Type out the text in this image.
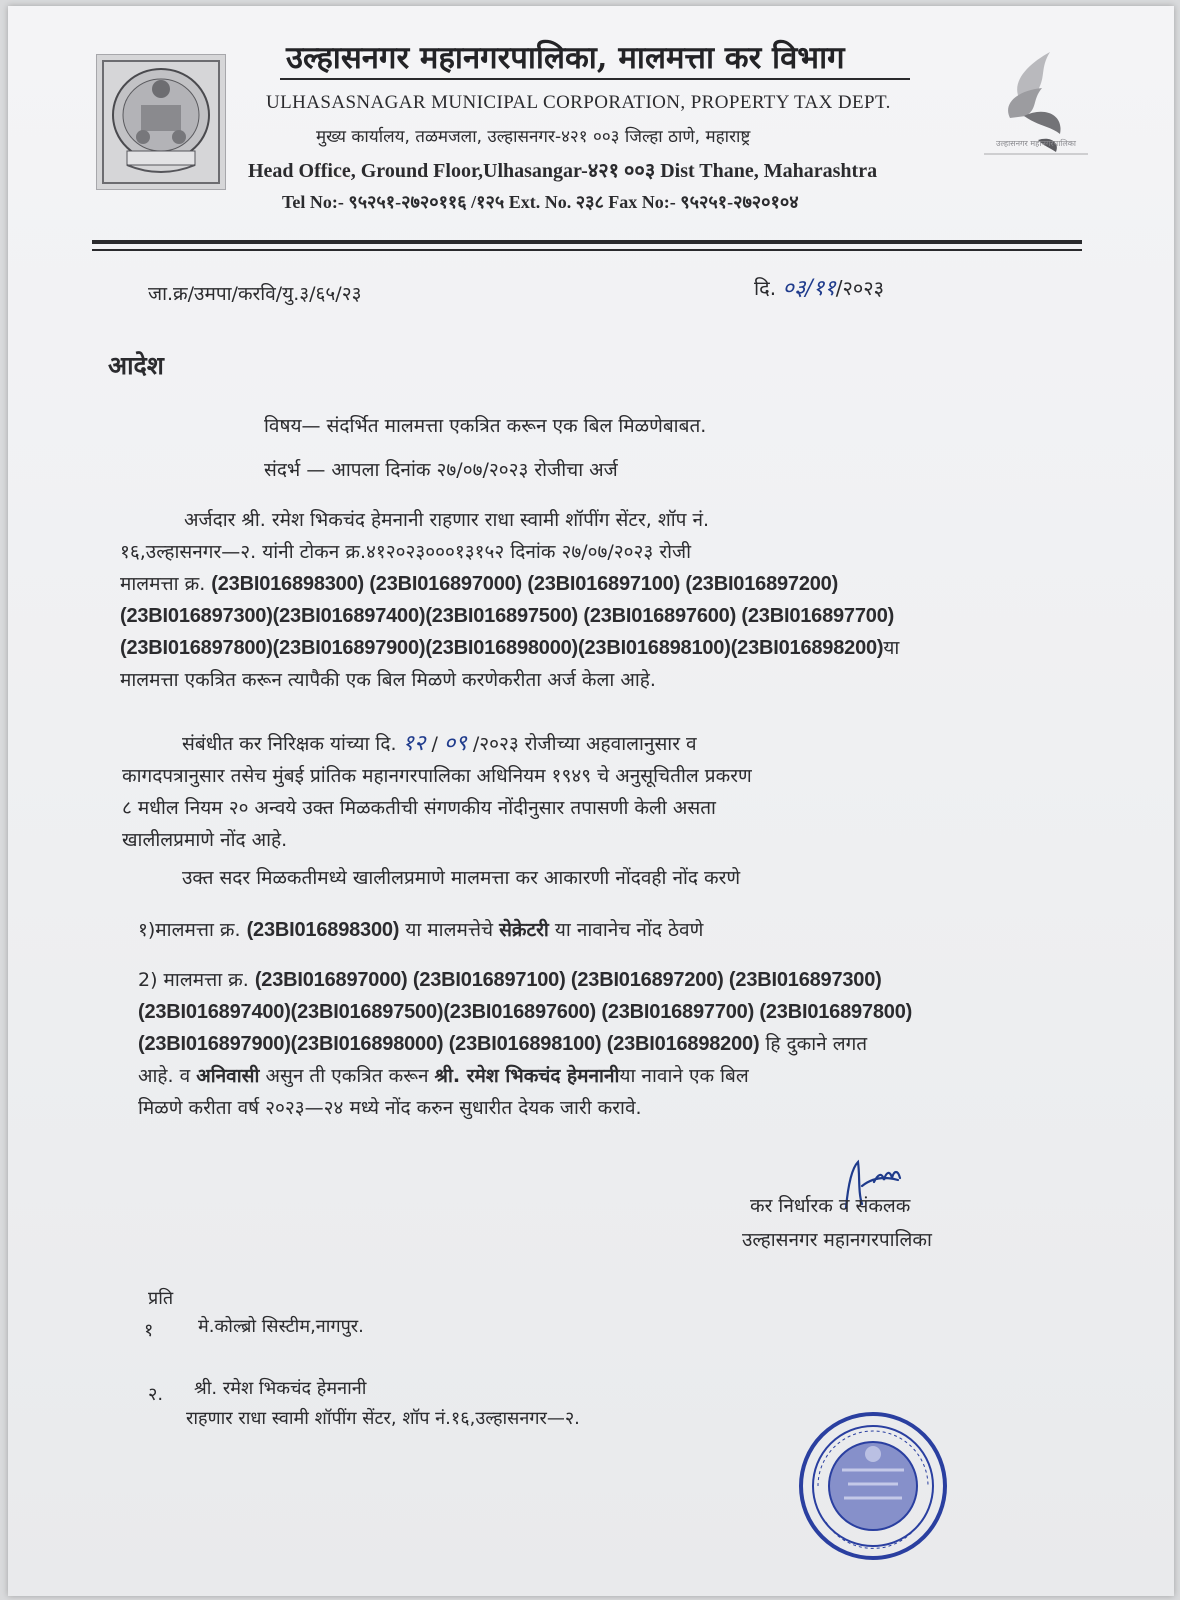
उल्हासनगर महानगरपालिका
उल्हासनगर महानगरपालिका, मालमत्ता कर विभाग
ULHASASNAGAR MUNICIPAL CORPORATION, PROPERTY TAX DEPT.
मुख्य कार्यालय, तळमजला, उल्हासनगर-४२१ ००३ जिल्हा ठाणे, महाराष्ट्र
Head Office, Ground Floor,Ulhasangar-४२१ ००३ Dist Thane, Maharashtra
Tel No:- ९५२५१-२७२०११६ /१२५ Ext. No. २३८ Fax No:- ९५२५१-२७२०१०४
जा.क्र/उमपा/करवि/यु.३/६५/२३	दि. ०३/११/२०२३
आदेश
विषय— संदर्भित मालमत्ता एकत्रित करून एक बिल मिळणेबाबत.
संदर्भ — आपला दिनांक २७/०७/२०२३ रोजीचा अर्ज
अर्जदार श्री. रमेश भिकचंद हेमनानी राहणार राधा स्वामी शॉपींग सेंटर, शॉप नं.
१६,उल्हासनगर—२. यांनी टोकन क्र.४१२०२३०००१३१५२ दिनांक २७/०७/२०२३ रोजी
मालमत्ता क्र. (23BI016898300) (23BI016897000) (23BI016897100) (23BI016897200)
(23BI016897300)(23BI016897400)(23BI016897500) (23BI016897600) (23BI016897700)
(23BI016897800)(23BI016897900)(23BI016898000)(23BI016898100)(23BI016898200)या
मालमत्ता एकत्रित करून त्यापैकी एक बिल मिळणे करणेकरीता अर्ज केला आहे.
संबंधीत कर निरिक्षक यांच्या दि. १२ / ०९ /२०२३ रोजीच्या अहवालानुसार व
कागदपत्रानुसार तसेच मुंबई प्रांतिक महानगरपालिका अधिनियम १९४९ चे अनुसूचितील प्रकरण
८ मधील नियम २० अन्वये उक्त मिळकतीची संगणकीय नोंदीनुसार तपासणी केली असता
खालीलप्रमाणे नोंद आहे.
उक्त सदर मिळकतीमध्ये खालीलप्रमाणे मालमत्ता कर आकारणी नोंदवही नोंद करणे
१)मालमत्ता क्र. (23BI016898300) या मालमत्तेचे सेक्रेटरी या नावानेच नोंद ठेवणे
2) मालमत्ता क्र. (23BI016897000) (23BI016897100) (23BI016897200) (23BI016897300)
(23BI016897400)(23BI016897500)(23BI016897600) (23BI016897700) (23BI016897800)
(23BI016897900)(23BI016898000) (23BI016898100) (23BI016898200) हि दुकाने लगत
आहे. व अनिवासी असुन ती एकत्रित करून श्री. रमेश भिकचंद हेमनानीया नावाने एक बिल
मिळणे करीता वर्ष २०२३—२४ मध्ये नोंद करुन सुधारीत देयक जारी करावे.
कर निर्धारक व संकलक
उल्हासनगर महानगरपालिका
प्रति
१ मे.कोल्ब्रो सिस्टीम,नागपुर.
२. श्री. रमेश भिकचंद हेमनानी
राहणार राधा स्वामी शॉपींग सेंटर, शॉप नं.१६,उल्हासनगर—२.
